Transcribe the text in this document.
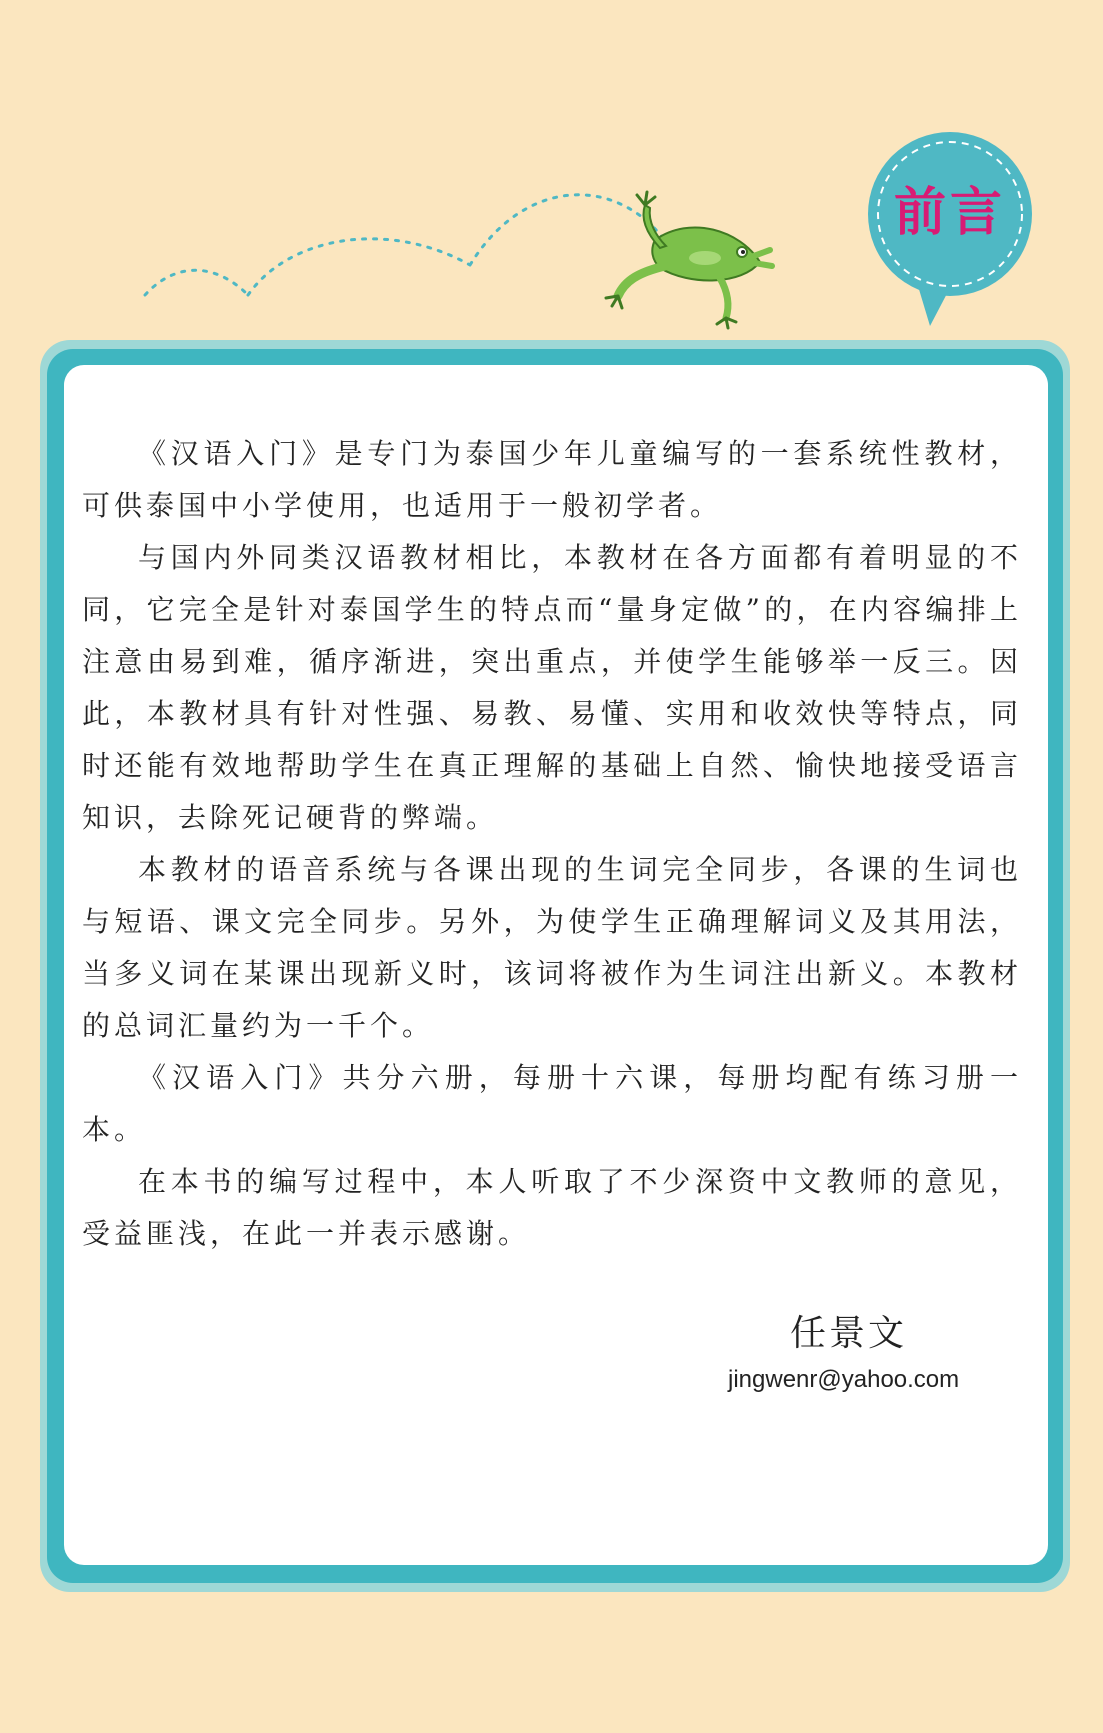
前言

《汉语入门》是专门为泰国少年儿童编写的一套系统性教材，可供泰国中小学使用，也适用于一般初学者。

与国内外同类汉语教材相比，本教材在各方面都有着明显的不同，它完全是针对泰国学生的特点而“量身定做”的，在内容编排上注意由易到难，循序渐进，突出重点，并使学生能够举一反三。因此，本教材具有针对性强、易教、易懂、实用和收效快等特点，同时还能有效地帮助学生在真正理解的基础上自然、愉快地接受语言知识，去除死记硬背的弊端。

本教材的语音系统与各课出现的生词完全同步，各课的生词也与短语、课文完全同步。另外，为使学生正确理解词义及其用法，当多义词在某课出现新义时，该词将被作为生词注出新义。本教材的总词汇量约为一千个。

《汉语入门》共分六册，每册十六课，每册均配有练习册一本。

在本书的编写过程中，本人听取了不少深资中文教师的意见，受益匪浅，在此一并表示感谢。

任景文
jingwenr@yahoo.com
